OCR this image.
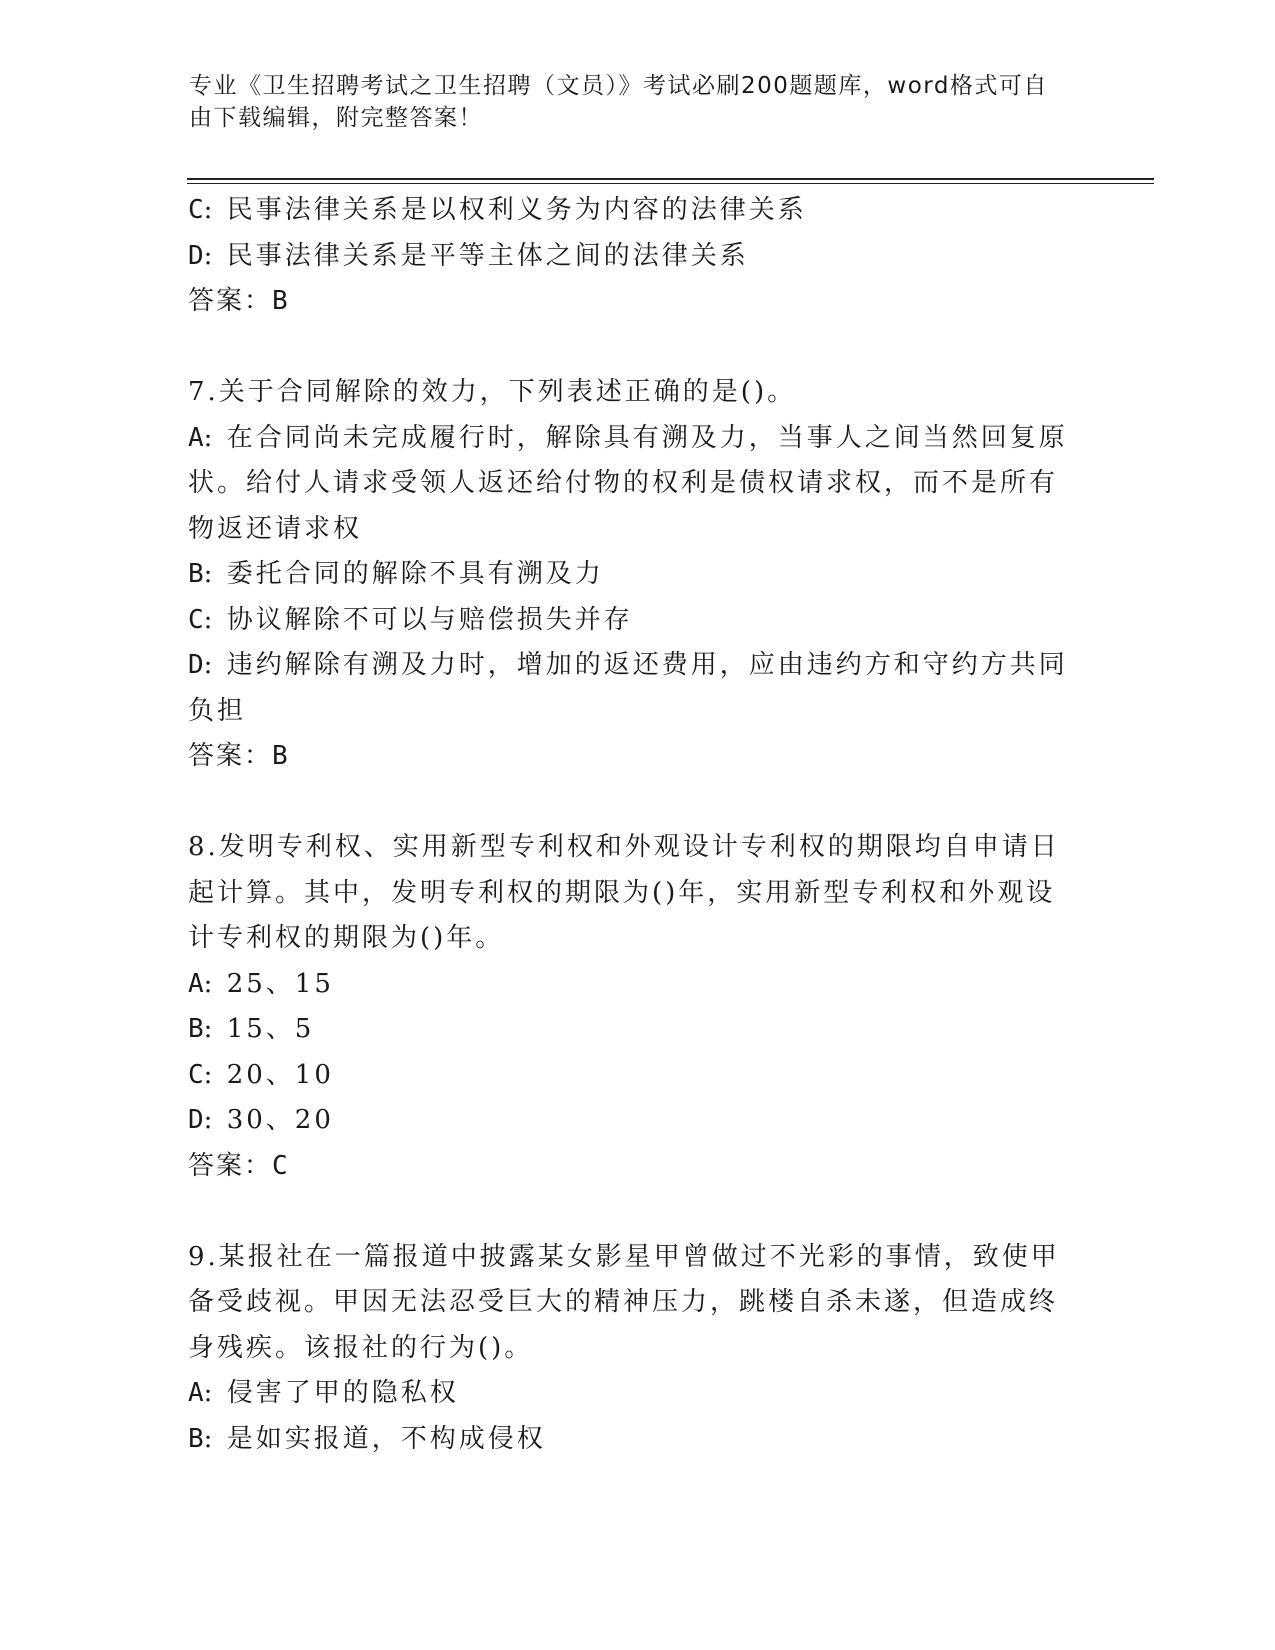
专业《卫生招聘考试之卫生招聘（文员）》考试必刷200题题库，word格式可自
由下载编辑，附完整答案！
C: 民事法律关系是以权利义务为内容的法律关系
D: 民事法律关系是平等主体之间的法律关系
答案：B
7.关于合同解除的效力，下列表述正确的是()。
A: 在合同尚未完成履行时，解除具有溯及力，当事人之间当然回复原
状。给付人请求受领人返还给付物的权利是债权请求权，而不是所有
物返还请求权
B: 委托合同的解除不具有溯及力
C: 协议解除不可以与赔偿损失并存
D: 违约解除有溯及力时，增加的返还费用，应由违约方和守约方共同
负担
答案：B
8.发明专利权、实用新型专利权和外观设计专利权的期限均自申请日
起计算。其中，发明专利权的期限为()年，实用新型专利权和外观设
计专利权的期限为()年。
A: 25、15
B: 15、5
C: 20、10
D: 30、20
答案：C
9.某报社在一篇报道中披露某女影星甲曾做过不光彩的事情，致使甲
备受歧视。甲因无法忍受巨大的精神压力，跳楼自杀未遂，但造成终
身残疾。该报社的行为()。
A: 侵害了甲的隐私权
B: 是如实报道，不构成侵权
